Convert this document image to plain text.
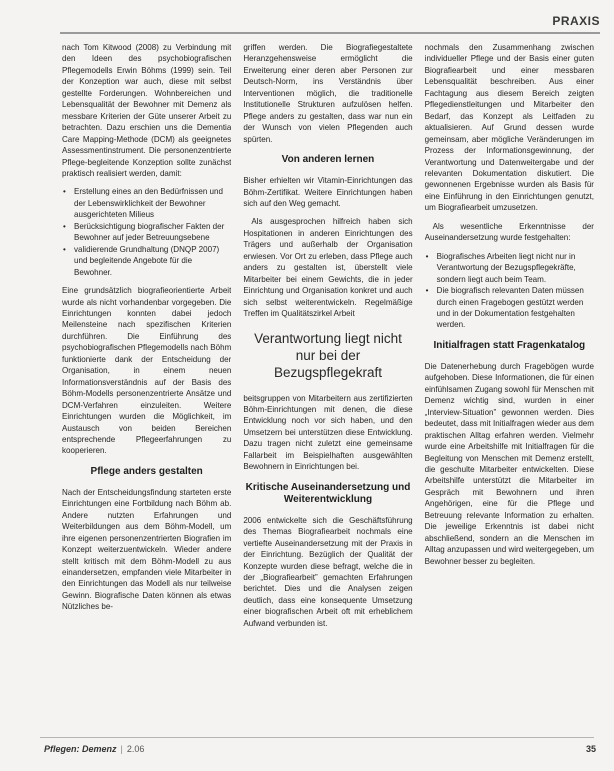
PRAXIS

nach Tom Kitwood (2008) zu Verbindung mit den Ideen des psychobiografischen Pflegemodells Erwin Böhms (1999) sein. Teil der Konzeption war auch, diese mit selbst gestellte Forderungen. Wohnbereichen und Lebensqualität der Bewohner mit Demenz als messbare Kriterien der Güte unserer Arbeit zu betrachten. Dazu erschien uns die Dementia Care Mapping-Methode (DCM) als geeignetes Assessmentinstrument. Die personenzentrierte Pflege-begleitende Konzeption sollte zunächst praktisch realisiert werden, damit:

• Erstellung eines an den Bedürfnissen und der Lebenswirklichkeit der Bewohner ausgerichteten Milieus
• Berücksichtigung biografischer Fakten der Bewohner auf jeder Betreuungsebene
• validierende Grundhaltung (DNQP 2007) und begleitende Angebote für die Bewohner.

Eine grundsätzlich biografieorientierte Arbeit wurde als nicht vorhandenbar vorgegeben. Die Einrichtungen konnten dabei jedoch Meilensteine nach spezifischen Kriterien durchführen. Die Einführung des psychobiografischen Pflegemodells nach Böhm funktionierte dank der Entscheidung der Organisation, in einem neuen Informationsverständnis auf der Basis des Böhm-Modells personenzentrierte Ansätze und DCM-Verfahren einzuleiten. Weitere Einrichtungen wurden die Möglichkeit, im Austausch von beiden Bereichen entsprechende Pflegeerfahrungen zu kooperieren.

Pflege anders gestalten

Nach der Entscheidungsfindung starteten erste Einrichtungen eine Fortbildung nach Böhm ab. Andere nutzten Erfahrungen und Weiterbildungen aus dem Böhm-Modell, um ihre eigenen personenzentrierten Biografien im Konzept weiterzuentwickeln. Wieder andere stellt kritisch mit dem Böhm-Modell zu aus einandersetzen, empfanden viele Mitarbeiter in den Einrichtungen das Modell als nur teilweise Gewinn. Biografische Daten können als etwas Nützliches be-

griffen werden. Die Biografiegestaltete Heranzgehensweise ermöglicht die Erweiterung einer deren aber Personen zur Deutsch-Norm, ins Verständnis über Interventionen möglich, die traditionelle Institutionelle Strukturen aufzulösen helfen. Pflege anders zu gestalten, dass war nun ein der Wunsch von vielen Pflegenden auch spürten.

Von anderen lernen

Bisher erhielten wir Vitamin-Einrichtungen das Böhm-Zertifikat. Weitere Einrichtungen haben sich auf den Weg gemacht.

Als ausgesprochen hilfreich haben sich Hospitationen in anderen Einrichtungen des Trägers und außerhalb der Organisation erwiesen. Vor Ort zu erleben, dass Pflege auch anders zu gestalten ist, überstellt viele Mitarbeiter bei einem Gewichts, die in jeder Einrichtung und Organisation konkret und auch sich selbst weiterentwickeln. Regelmäßige Treffen im Qualitätszirkel Arbeit

Verantwortung liegt nicht nur bei der Bezugspflegekraft

beitsgruppen von Mitarbeitern aus zertifizierten Böhm-Einrichtungen mit denen, die diese Entwicklung noch vor sich haben, und den Umsetzern bei unterstützen diese Entwicklung. Dazu tragen nicht zuletzt eine gemeinsame Fallarbeit im Beispielhaften ausgewählten Bewohnern in Einrichtungen bei.

Kritische Auseinandersetzung und Weiterentwicklung

2006 entwickelte sich die Geschäftsführung des Themas Biografiearbeit nochmals eine vertiefte Auseinandersetzung mit der Praxis in der Einrichtung. Bezüglich der Qualität der Konzepte wurden diese befragt, welche die in der „Biografiearbeit” gemachten Erfahrungen berichtet. Dies und die Analysen zeigen deutlich, dass eine konsequente Umsetzung einer biografischen Arbeit oft mit erheblichem Aufwand verbunden ist.

nochmals den Zusammenhang zwischen individueller Pflege und der Basis einer guten Biografiearbeit und einer messbaren Lebensqualität beschreiben. Aus einer Fachtagung aus diesem Bereich zeigten Pflegedienstleitungen und Mitarbeiter den Bedarf, das Konzept als Leitfaden zu aktualisieren. Auf Grund dessen wurde gemeinsam, aber mögliche Veränderungen im Prozess der Informationsgewinnung, der Verantwortung und Datenweitergabe und der relevanten Dokumentation diskutiert. Die gewonnenen Ergebnisse wurden als Basis für eine Einführung in den Einrichtungen genutzt, um Biografiearbeit umzusetzen.

Als wesentliche Erkenntnisse der Auseinandersetzung wurde festgehalten:

• Biografisches Arbeiten liegt nicht nur in Verantwortung der Bezugspflegekräfte, sondern liegt auch beim Team.
• Die biografisch relevanten Daten müssen durch einen Fragebogen gestützt werden und in der Dokumentation festgehalten werden.
Initialfragen statt Fragenkatalog

Die Datenerhebung durch Fragebögen wurde aufgehoben. Diese Informationen, die für einen einfühlsamen Zugang sowohl für Menschen mit Demenz wichtig sind, wurden in einer „Interview-Situation” gewonnen werden. Dies bedeutet, dass mit Initialfragen wieder aus dem praktischen Alltag erfahren werden. Vielmehr wurde eine Arbeitshilfe mit Initialfragen für die Begleitung von Menschen mit Demenz erstellt, die geschulte Mitarbeiter entwickelten. Diese Arbeitshilfe unterstützt die Mitarbeiter im Gespräch mit Bewohnern und ihren Angehörigen, eine für die Pflege und Betreuung relevante Information zu erhalten. Die jeweilige Erkenntnis ist dabei nicht abschließend, sondern an die Menschen im Alltag anzupassen und wird weitergegeben, um Bewohner besser zu begleiten.

Pflegen: Demenz | 2.06	35
